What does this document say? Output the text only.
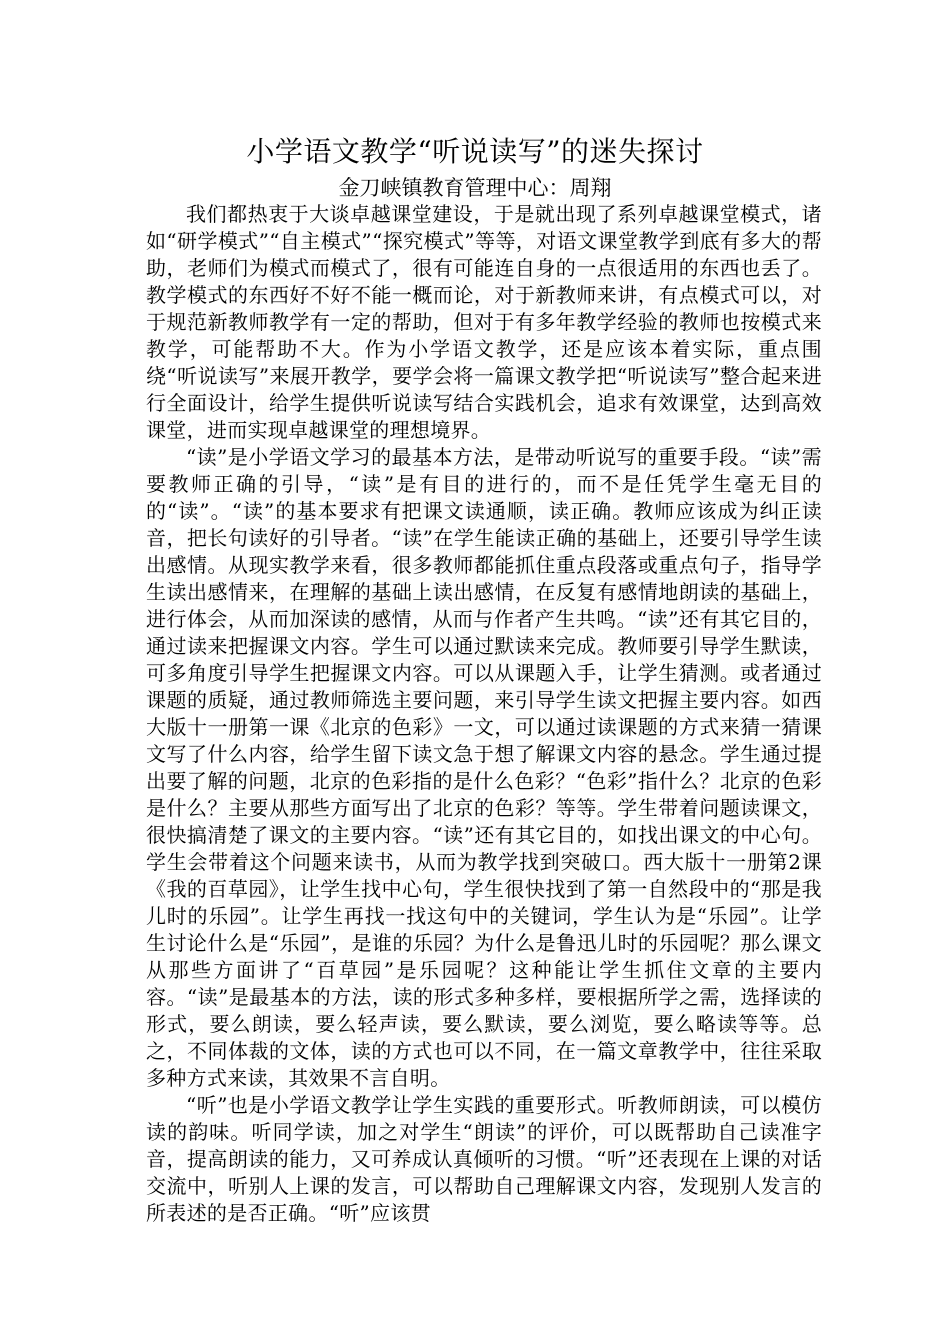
小学语文教学“听说读写”的迷失探讨
金刀峡镇教育管理中心：周翔

我们都热衷于大谈卓越课堂建设，于是就出现了系列卓越课堂模式，诸如“研学模式”“自主模式”“探究模式”等等，对语文课堂教学到底有多大的帮助，老师们为模式而模式了，很有可能连自身的一点很适用的东西也丢了。教学模式的东西好不好不能一概而论，对于新教师来讲，有点模式可以，对于规范新教师教学有一定的帮助，但对于有多年教学经验的教师也按模式来教学，可能帮助不大。作为小学语文教学，还是应该本着实际，重点围绕“听说读写”来展开教学，要学会将一篇课文教学把“听说读写”整合起来进行全面设计，给学生提供听说读写结合实践机会，追求有效课堂，达到高效课堂，进而实现卓越课堂的理想境界。

“读”是小学语文学习的最基本方法，是带动听说写的重要手段。“读”需要教师正确的引导，“读”是有目的进行的，而不是任凭学生毫无目的的“读”。“读”的基本要求有把课文读通顺，读正确。教师应该成为纠正读音，把长句读好的引导者。“读”在学生能读正确的基础上，还要引导学生读出感情。从现实教学来看，很多教师都能抓住重点段落或重点句子，指导学生读出感情来，在理解的基础上读出感情，在反复有感情地朗读的基础上，进行体会，从而加深读的感情，从而与作者产生共鸣。“读”还有其它目的，通过读来把握课文内容。学生可以通过默读来完成。教师要引导学生默读，可多角度引导学生把握课文内容。可以从课题入手，让学生猜测。或者通过课题的质疑，通过教师筛选主要问题，来引导学生读文把握主要内容。如西大版十一册第一课《北京的色彩》一文，可以通过读课题的方式来猜一猜课文写了什么内容，给学生留下读文急于想了解课文内容的悬念。学生通过提出要了解的问题，北京的色彩指的是什么色彩？“色彩”指什么？北京的色彩是什么？主要从那些方面写出了北京的色彩？等等。学生带着问题读课文，很快搞清楚了课文的主要内容。“读”还有其它目的，如找出课文的中心句。学生会带着这个问题来读书，从而为教学找到突破口。西大版十一册第2课《我的百草园》，让学生找中心句，学生很快找到了第一自然段中的“那是我儿时的乐园”。让学生再找一找这句中的关键词，学生认为是“乐园”。让学生讨论什么是“乐园”，是谁的乐园？为什么是鲁迅儿时的乐园呢？那么课文从那些方面讲了“百草园”是乐园呢？这种能让学生抓住文章的主要内容。“读”是最基本的方法，读的形式多种多样，要根据所学之需，选择读的形式，要么朗读，要么轻声读，要么默读，要么浏览，要么略读等等。总之，不同体裁的文体，读的方式也可以不同，在一篇文章教学中，往往采取多种方式来读，其效果不言自明。

“听”也是小学语文教学让学生实践的重要形式。听教师朗读，可以模仿读的韵味。听同学读，加之对学生“朗读”的评价，可以既帮助自己读准字音，提高朗读的能力，又可养成认真倾听的习惯。“听”还表现在上课的对话交流中，听别人上课的发言，可以帮助自己理解课文内容，发现别人发言的所表述的是否正确。“听”应该贯
